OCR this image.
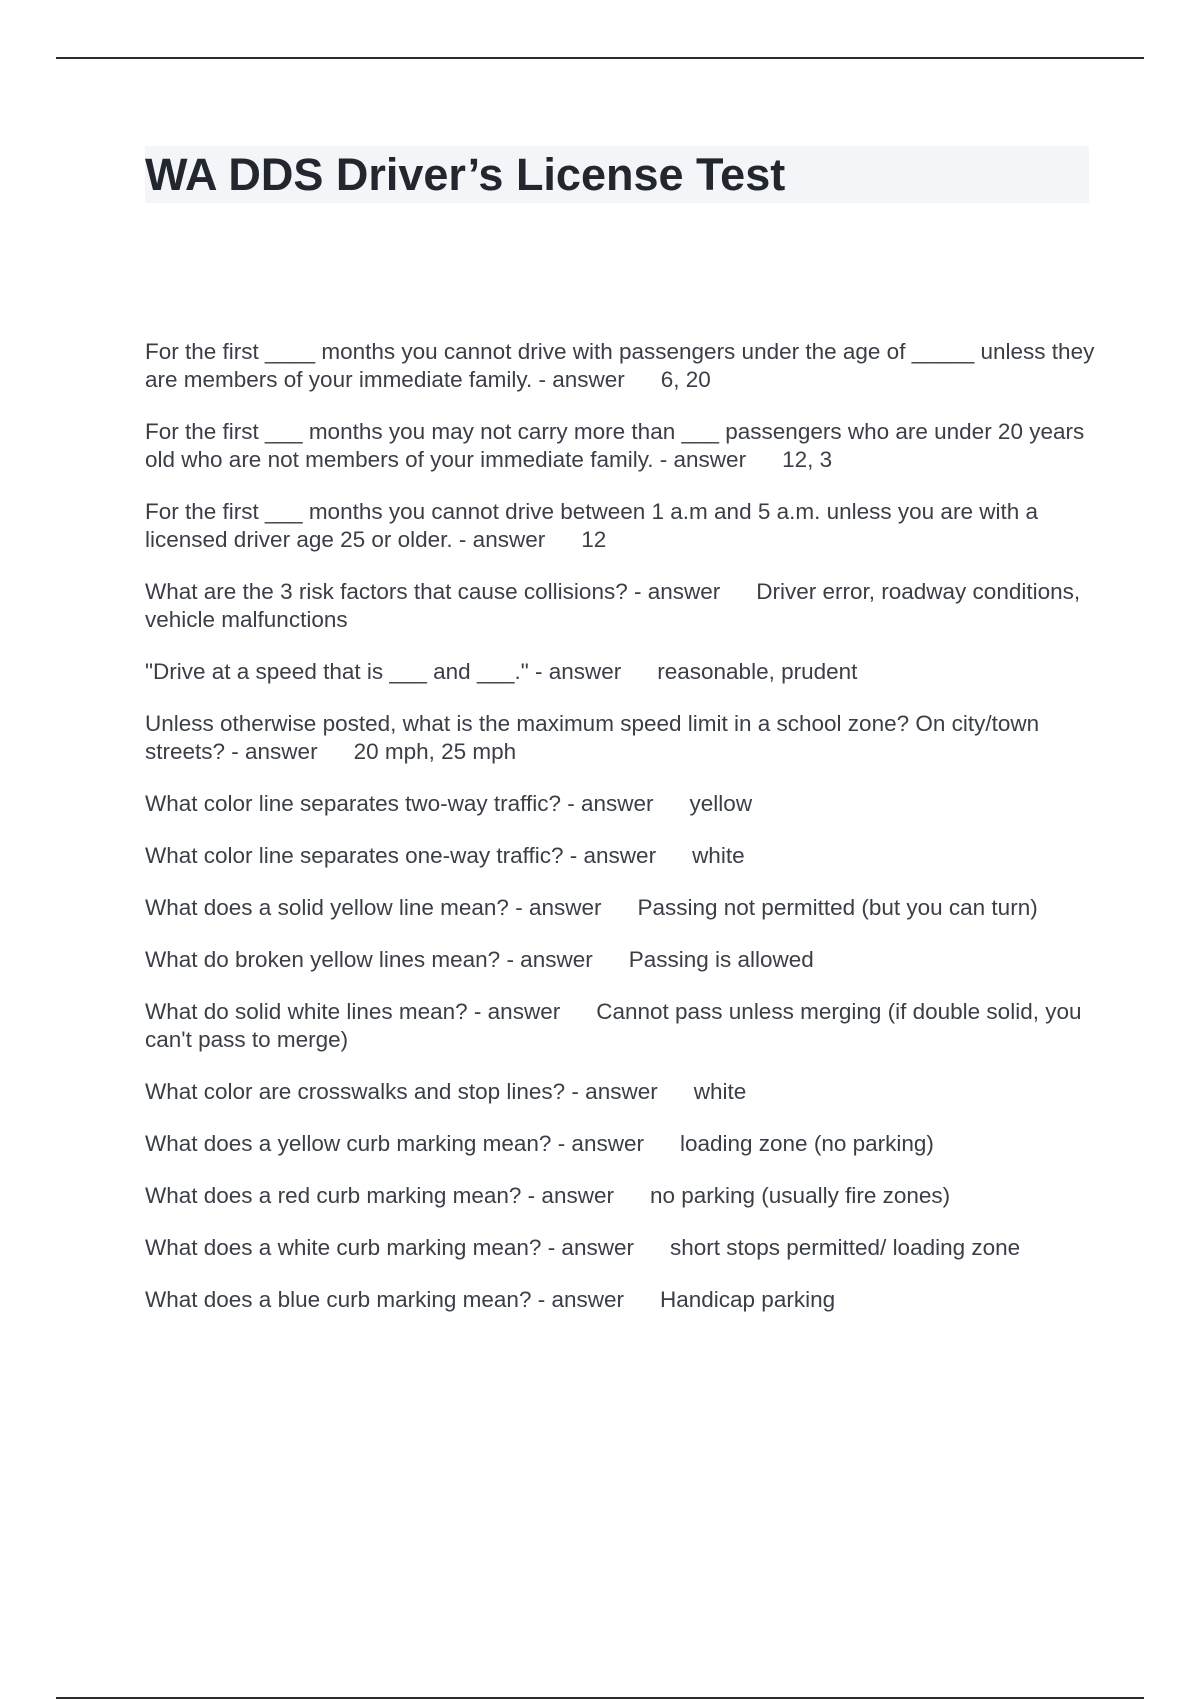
WA DDS Driver’s License Test
For the first ____ months you cannot drive with passengers under the age of _____ unless they are members of your immediate family. - answer 6, 20
For the first ___ months you may not carry more than ___ passengers who are under 20 years old who are not members of your immediate family. - answer 12, 3
For the first ___ months you cannot drive between 1 a.m and 5 a.m. unless you are with a licensed driver age 25 or older. - answer 12
What are the 3 risk factors that cause collisions? - answer Driver error, roadway conditions, vehicle malfunctions
"Drive at a speed that is ___ and ___." - answer reasonable, prudent
Unless otherwise posted, what is the maximum speed limit in a school zone? On city/town streets? - answer 20 mph, 25 mph
What color line separates two-way traffic? - answer yellow
What color line separates one-way traffic? - answer white
What does a solid yellow line mean? - answer Passing not permitted (but you can turn)
What do broken yellow lines mean? - answer Passing is allowed
What do solid white lines mean? - answer Cannot pass unless merging (if double solid, you can't pass to merge)
What color are crosswalks and stop lines? - answer white
What does a yellow curb marking mean? - answer loading zone (no parking)
What does a red curb marking mean? - answer no parking (usually fire zones)
What does a white curb marking mean? - answer short stops permitted/ loading zone
What does a blue curb marking mean? - answer Handicap parking
